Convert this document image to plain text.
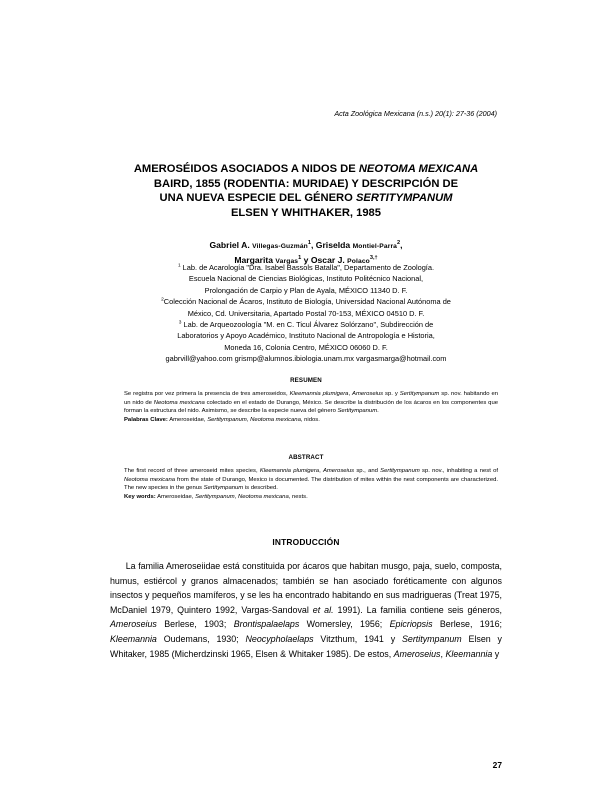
Acta Zoológica Mexicana (n.s.) 20(1): 27-36 (2004)
AMEROSÉIDOS ASOCIADOS A NIDOS DE NEOTOMA MEXICANA
BAIRD, 1855 (RODENTIA: MURIDAE) Y DESCRIPCIÓN DE
UNA NUEVA ESPECIE DEL GÉNERO SERTITYMPANUM
ELSEN Y WHITHAKER, 1985
Gabriel A. Villegas-Guzmán$^1$, Griselda Montiel-Parra$^2$,
Margarita Vargas$^1$ y Oscar J. Polaco$^{3,\dagger}$
$^1$ Lab. de Acarología "Dra. Isabel Bassols Batalla", Departamento de Zoología.
Escuela Nacional de Ciencias Biológicas, Instituto Politécnico Nacional,
Prolongación de Carpio y Plan de Ayala, MÉXICO 11340 D. F.
$^2$Colección Nacional de Ácaros, Instituto de Biología, Universidad Nacional Autónoma de
México, Cd. Universitaria, Apartado Postal 70-153, MÉXICO 04510 D. F.
$^3$ Lab. de Arqueozoología "M. en C. Ticul Álvarez Solórzano", Subdirección de
Laboratorios y Apoyo Académico, Instituto Nacional de Antropología e Historia,
Moneda 16, Colonia Centro, MÉXICO 06060 D. F.
gabrvill@yahoo.com grismp@alumnos.ibiologia.unam.mx vargasmarga@hotmail.com
RESUMEN
Se registra por vez primera la presencia de tres ameroseidos, Kleemannia plumigera, Ameroseius sp. y Sertitympanum sp. nov. habitando en un nido de Neotoma mexicana colectado en el estado de Durango, México. Se describe la distribución de los ácaros en los componentes que forman la estructura del nido. Asimismo, se describe la especie nueva del género Sertitympanum.
Palabras Clave: Ameroseidae, Sertitympanum, Neotoma mexicana, nidos.
ABSTRACT
The first record of three ameroseid mites species, Kleemannia plumigera, Ameroseius sp., and Sertitympanum sp. nov., inhabiting a nest of Neotoma mexicana from the state of Durango, Mexico is documented. The distribution of mites within the nest components are characterized. The new species in the genus Sertitympanum is described.
Key words: Ameroseidae, Sertitympanum, Neotoma mexicana, nests.
INTRODUCCIÓN
La familia Ameroseiidae está constituida por ácaros que habitan musgo, paja, suelo, composta, humus, estiércol y granos almacenados; también se han asociado foréticamente con algunos insectos y pequeños mamíferos, y se les ha encontrado habitando en sus madrigueras (Treat 1975, McDaniel 1979, Quintero 1992, Vargas-Sandoval et al. 1991). La familia contiene seis géneros, Ameroseius Berlese, 1903; Brontispalaelaps Womersley, 1956; Epicriopsis Berlese, 1916; Kleemannia Oudemans, 1930; Neocypholaelaps Vitzthum, 1941 y Sertitympanum Elsen y Whitaker, 1985 (Micherdzinski 1965, Elsen & Whitaker 1985). De estos, Ameroseius, Kleemannia y
27
